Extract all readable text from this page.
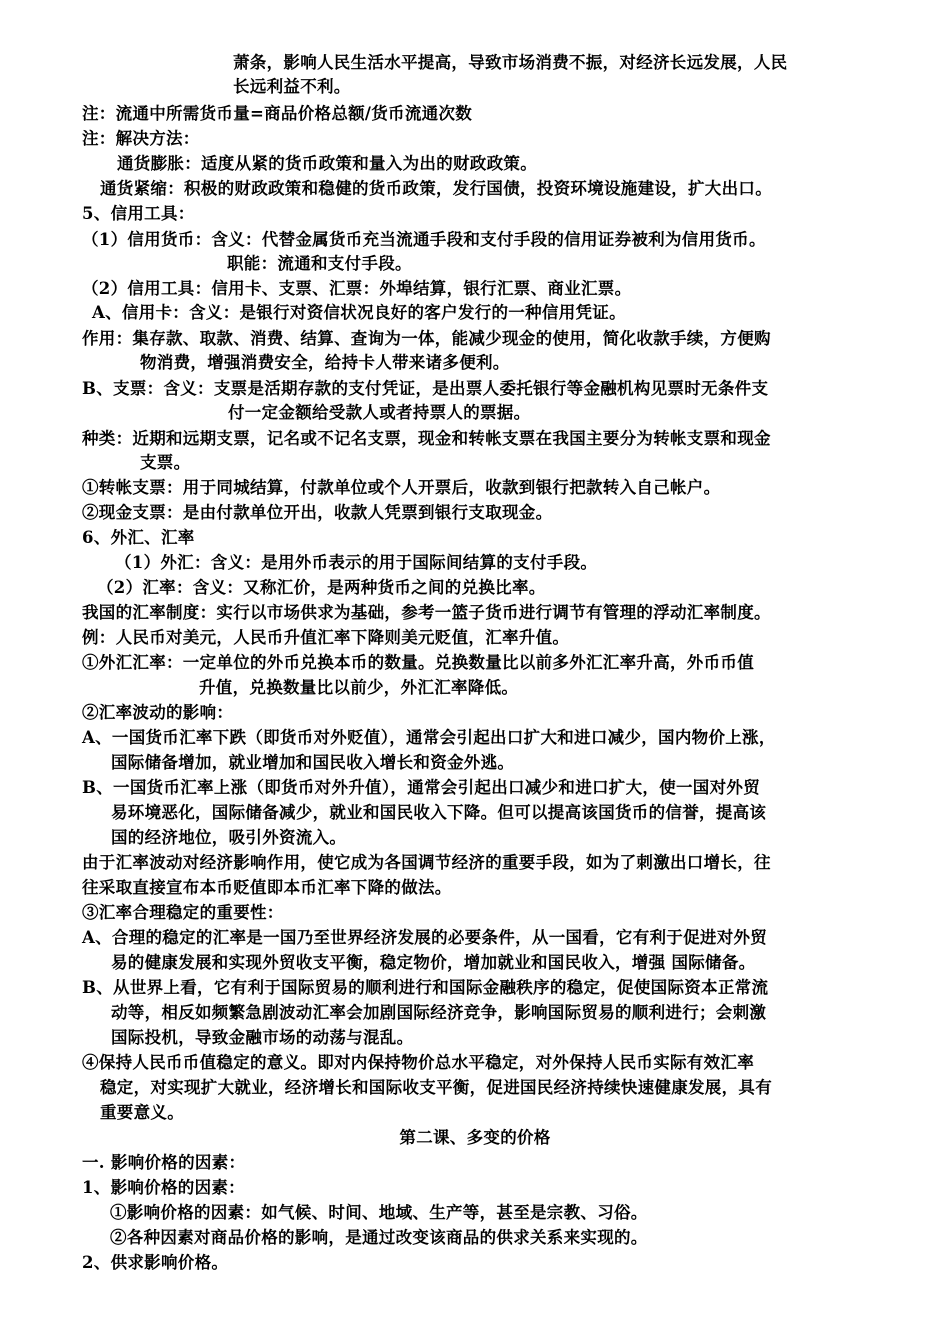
萧条，影响人民生活水平提高，导致市场消费不振，对经济长远发展，人民
长远利益不利。
注：流通中所需货币量=商品价格总额/货币流通次数
注：解决方法：
通货膨胀：适度从紧的货币政策和量入为出的财政政策。
通货紧缩：积极的财政政策和稳健的货币政策，发行国债，投资环境设施建设，扩大出口。
5、信用工具：
（1）信用货币：含义：代替金属货币充当流通手段和支付手段的信用证券被利为信用货币。
职能：流通和支付手段。
（2）信用工具：信用卡、支票、汇票：外埠结算，银行汇票、商业汇票。
A、信用卡：含义：是银行对资信状况良好的客户发行的一种信用凭证。
作用：集存款、取款、消费、结算、查询为一体，能减少现金的使用，简化收款手续，方便购
物消费，增强消费安全，给持卡人带来诸多便利。
B、支票：含义：支票是活期存款的支付凭证，是出票人委托银行等金融机构见票时无条件支
付一定金额给受款人或者持票人的票据。
种类：近期和远期支票，记名或不记名支票，现金和转帐支票在我国主要分为转帐支票和现金
支票。
①转帐支票：用于同城结算，付款单位或个人开票后，收款到银行把款转入自己帐户。
②现金支票：是由付款单位开出，收款人凭票到银行支取现金。
6、外汇、汇率
（1）外汇：含义：是用外币表示的用于国际间结算的支付手段。
（2）汇率：含义：又称汇价，是两种货币之间的兑换比率。
我国的汇率制度：实行以市场供求为基础，参考一篮子货币进行调节有管理的浮动汇率制度。
例：人民币对美元，人民币升值汇率下降则美元贬值，汇率升值。
①外汇汇率：一定单位的外币兑换本币的数量。兑换数量比以前多外汇汇率升高，外币币值
升值，兑换数量比以前少，外汇汇率降低。
②汇率波动的影响：
A、一国货币汇率下跌（即货币对外贬值），通常会引起出口扩大和进口减少，国内物价上涨，
国际储备增加，就业增加和国民收入增长和资金外逃。
B、一国货币汇率上涨（即货币对外升值），通常会引起出口减少和进口扩大，使一国对外贸
易环境恶化，国际储备减少，就业和国民收入下降。但可以提高该国货币的信誉，提高该
国的经济地位，吸引外资流入。
由于汇率波动对经济影响作用，使它成为各国调节经济的重要手段，如为了刺激出口增长，往
往采取直接宣布本币贬值即本币汇率下降的做法。
③汇率合理稳定的重要性：
A、合理的稳定的汇率是一国乃至世界经济发展的必要条件，从一国看，它有利于促进对外贸
易的健康发展和实现外贸收支平衡，稳定物价，增加就业和国民收入，增强 国际储备。
B、从世界上看，它有利于国际贸易的顺利进行和国际金融秩序的稳定，促使国际资本正常流
动等，相反如频繁急剧波动汇率会加剧国际经济竞争，影响国际贸易的顺利进行；会刺激
国际投机，导致金融市场的动荡与混乱。
④保持人民币币值稳定的意义。即对内保持物价总水平稳定，对外保持人民币实际有效汇率
稳定，对实现扩大就业，经济增长和国际收支平衡，促进国民经济持续快速健康发展，具有
重要意义。
第二课、多变的价格
一. 影响价格的因素：
1、影响价格的因素：
①影响价格的因素：如气候、时间、地域、生产等，甚至是宗教、习俗。
②各种因素对商品价格的影响，是通过改变该商品的供求关系来实现的。
2、供求影响价格。
